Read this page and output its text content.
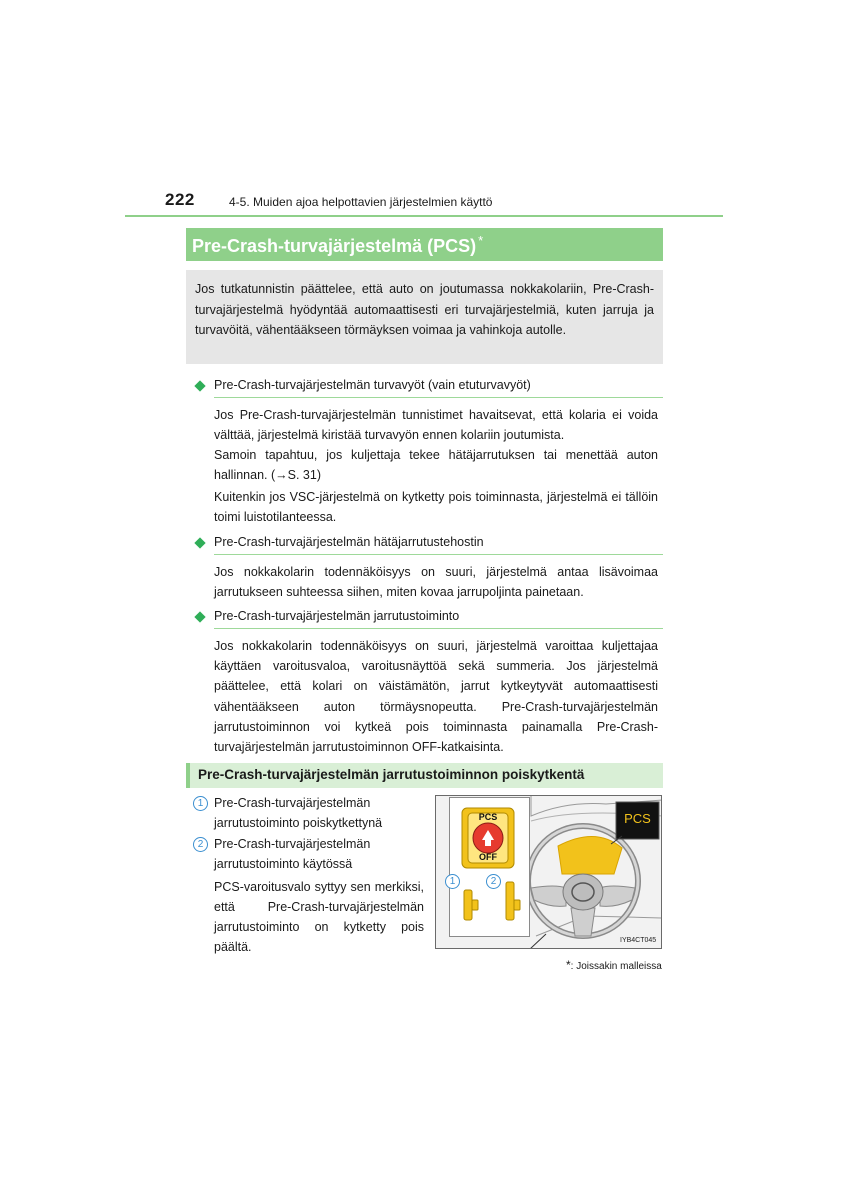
222	4-5. Muiden ajoa helpottavien järjestelmien käyttö
Pre-Crash-turvajärjestelmä (PCS) *
Jos tutkatunnistin päättelee, että auto on joutumassa nokkakolariin, Pre-Crash-turvajärjestelmä hyödyntää automaattisesti eri turvajärjestelmiä, kuten jarruja ja turvavöitä, vähentääkseen törmäyksen voimaa ja vahinkoja autolle.
Pre-Crash-turvajärjestelmän turvavyöt (vain etuturvavyöt)
Jos Pre-Crash-turvajärjestelmän tunnistimet havaitsevat, että kolaria ei voida välttää, järjestelmä kiristää turvavyön ennen kolariin joutumista.
Samoin tapahtuu, jos kuljettaja tekee hätäjarrutuksen tai menettää auton hallinnan. (→S. 31)
Kuitenkin jos VSC-järjestelmä on kytketty pois toiminnasta, järjestelmä ei tällöin toimi luistotilanteessa.
Pre-Crash-turvajärjestelmän hätäjarrutustehostin
Jos nokkakolarin todennäköisyys on suuri, järjestelmä antaa lisävoimaa jarrutukseen suhteessa siihen, miten kovaa jarrupoljinta painetaan.
Pre-Crash-turvajärjestelmän jarrutustoiminto
Jos nokkakolarin todennäköisyys on suuri, järjestelmä varoittaa kuljettajaa käyttäen varoitusvaloa, varoitusnäyttöä sekä summeria. Jos järjestelmä päättelee, että kolari on väistämätön, jarrut kytkeytyvät automaattisesti vähentääkseen auton törmäysnopeutta. Pre-Crash-turvajärjestelmän jarrutustoiminnon voi kytkeä pois toiminnasta painamalla Pre-Crash-turvajärjestelmän jarrutustoiminnon OFF-katkaisinta.
Pre-Crash-turvajärjestelmän jarrutustoiminnon poiskytkentä
1 Pre-Crash-turvajärjestelmän jarrutustoiminto poiskytkettynä
2 Pre-Crash-turvajärjestelmän jarrutustoiminto käytössä
PCS-varoitusvalo syttyy sen merkiksi, että Pre-Crash-turvajärjestelmän jarrutustoiminto on kytketty pois päältä.
PCS
PCS
OFF
1	2
IYB4CT045
*: Joissakin malleissa
